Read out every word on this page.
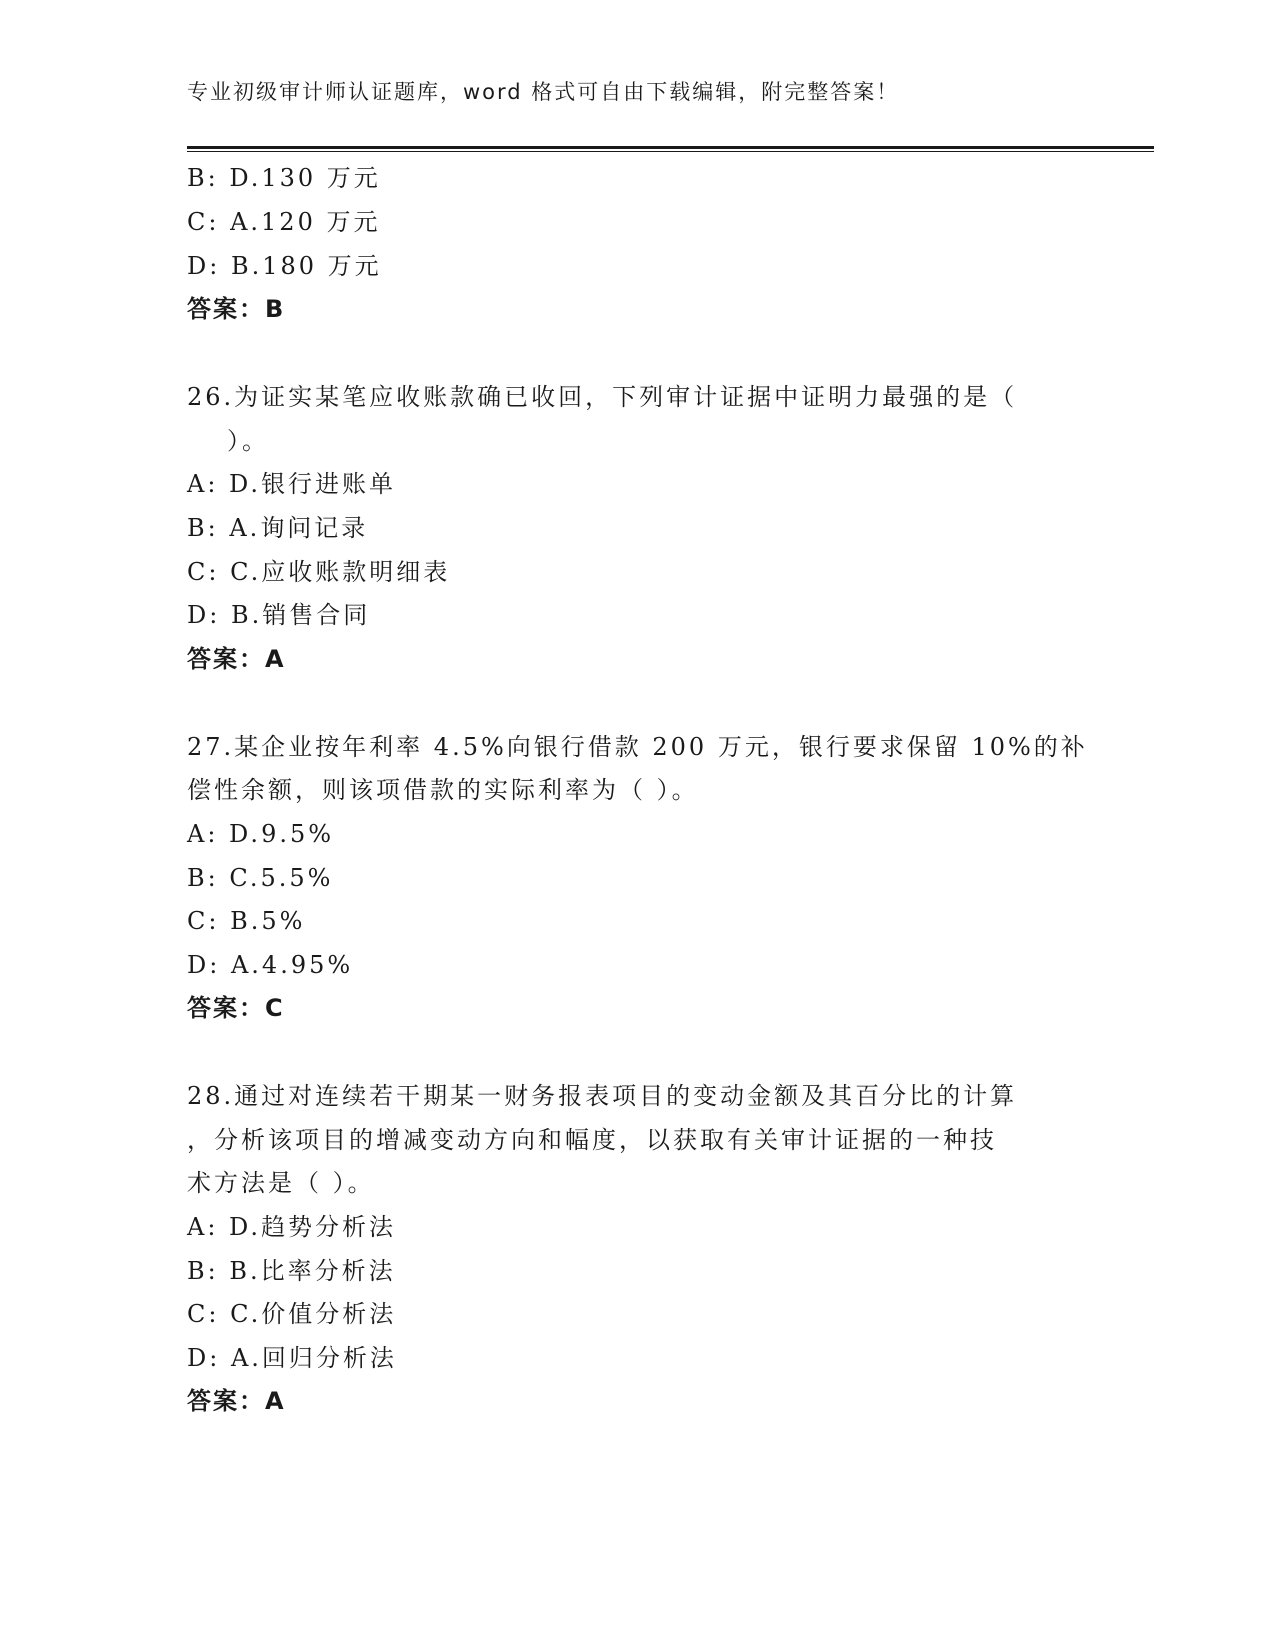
专业初级审计师认证题库，word 格式可自由下载编辑，附完整答案！
B: D.130 万元
C: A.120 万元
D: B.180 万元
答案：B
26.为证实某笔应收账款确已收回，下列审计证据中证明力最强的是（
）。
A: D.银行进账单
B: A.询问记录
C: C.应收账款明细表
D: B.销售合同
答案：A
27.某企业按年利率 4.5%向银行借款 200 万元，银行要求保留 10%的补
偿性余额，则该项借款的实际利率为（ ）。
A: D.9.5%
B: C.5.5%
C: B.5%
D: A.4.95%
答案：C
28.通过对连续若干期某一财务报表项目的变动金额及其百分比的计算
，分析该项目的增减变动方向和幅度，以获取有关审计证据的一种技
术方法是（ ）。
A: D.趋势分析法
B: B.比率分析法
C: C.价值分析法
D: A.回归分析法
答案：A
